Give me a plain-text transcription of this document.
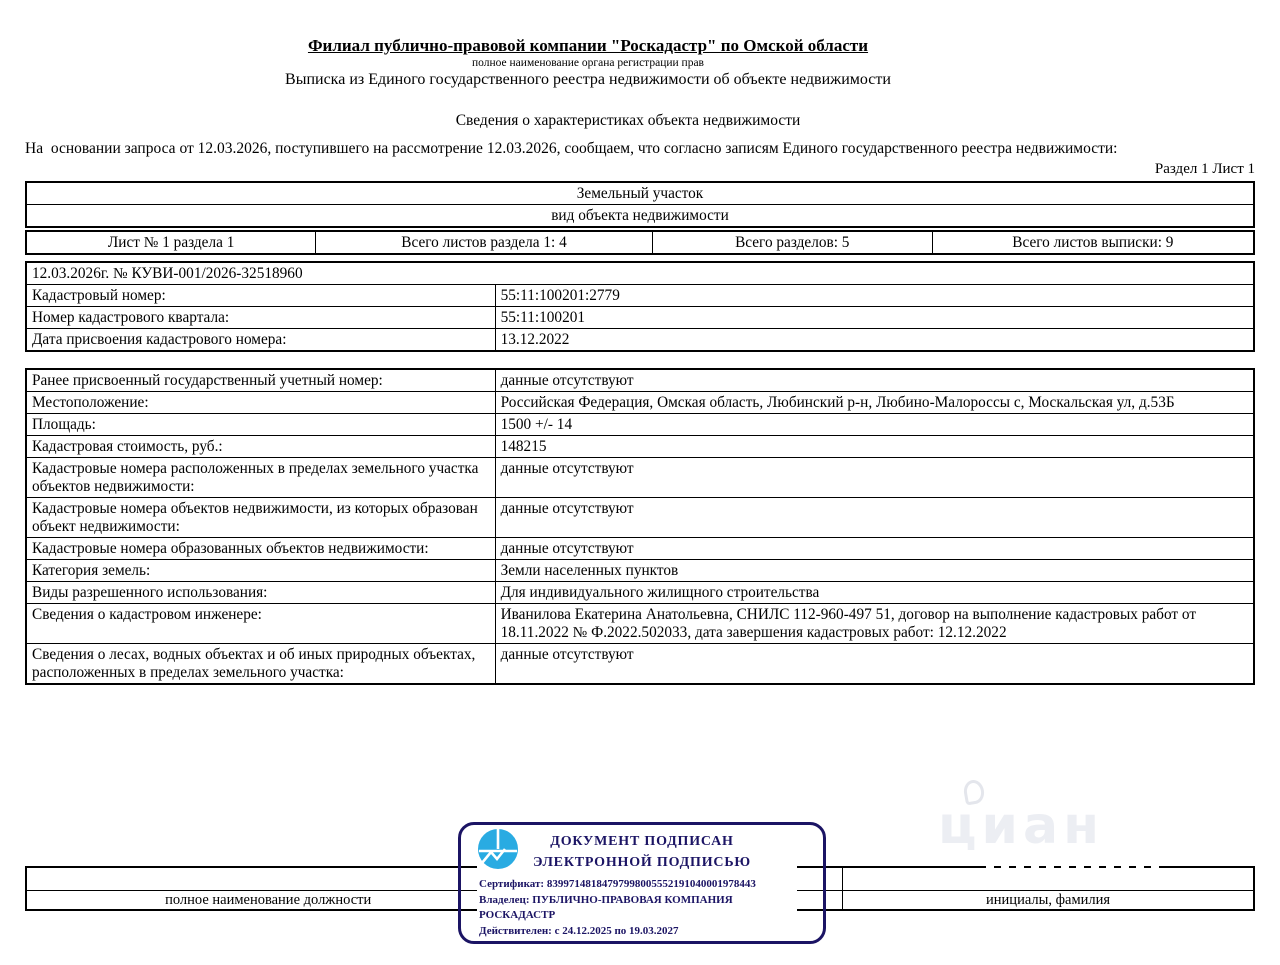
циан
Филиал публично-правовой компании "Роскадастр" по Омской области
полное наименование органа регистрации прав
Выписка из Единого государственного реестра недвижимости об объекте недвижимости
Сведения о характеристиках объекта недвижимости
На  основании запроса от 12.03.2026, поступившего на рассмотрение 12.03.2026, сообщаем, что согласно записям Единого государственного реестра недвижимости:
Раздел 1 Лист 1
Земельный участок
вид объекта недвижимости
Лист № 1 раздела 1	Всего листов раздела 1: 4	Всего разделов: 5	Всего листов выписки: 9
12.03.2026г. № КУВИ-001/2026-32518960	
Кадастровый номер:	55:11:100201:2779
Номер кадастрового квартала:	55:11:100201
Дата присвоения кадастрового номера:	13.12.2022
Ранее присвоенный государственный учетный номер:	данные отсутствуют
Местоположение:	Российская Федерация, Омская область, Любинский р-н, Любино-Малороссы с, Москальская ул, д.53Б
Площадь:	1500 +/- 14
Кадастровая стоимость, руб.:	148215
Кадастровые номера расположенных в пределах земельного участка объектов недвижимости:	данные отсутствуют
Кадастровые номера объектов недвижимости, из которых образован объект недвижимости:	данные отсутствуют
Кадастровые номера образованных объектов недвижимости:	данные отсутствуют
Категория земель:	Земли населенных пунктов
Виды разрешенного использования:	Для индивидуального жилищного строительства
Сведения о кадастровом инженере:	Иванилова Екатерина Анатольевна, СНИЛС 112-960-497 51, договор на выполнение кадастровых работ от 18.11.2022 № Ф.2022.502033, дата завершения кадастровых работ: 12.12.2022
Сведения о лесах, водных объектах и об иных природных объектах, расположенных в пределах земельного участка:	данные отсутствуют

полное наименование должности		инициалы, фамилия
ДОКУМЕНТ ПОДПИСАН
ЭЛЕКТРОННОЙ ПОДПИСЬЮ
Сертификат: 83997148184797998005552191040001978443
Владелец: ПУБЛИЧНО-ПРАВОВАЯ КОМПАНИЯ РОСКАДАСТР
Действителен: с 24.12.2025 по 19.03.2027
